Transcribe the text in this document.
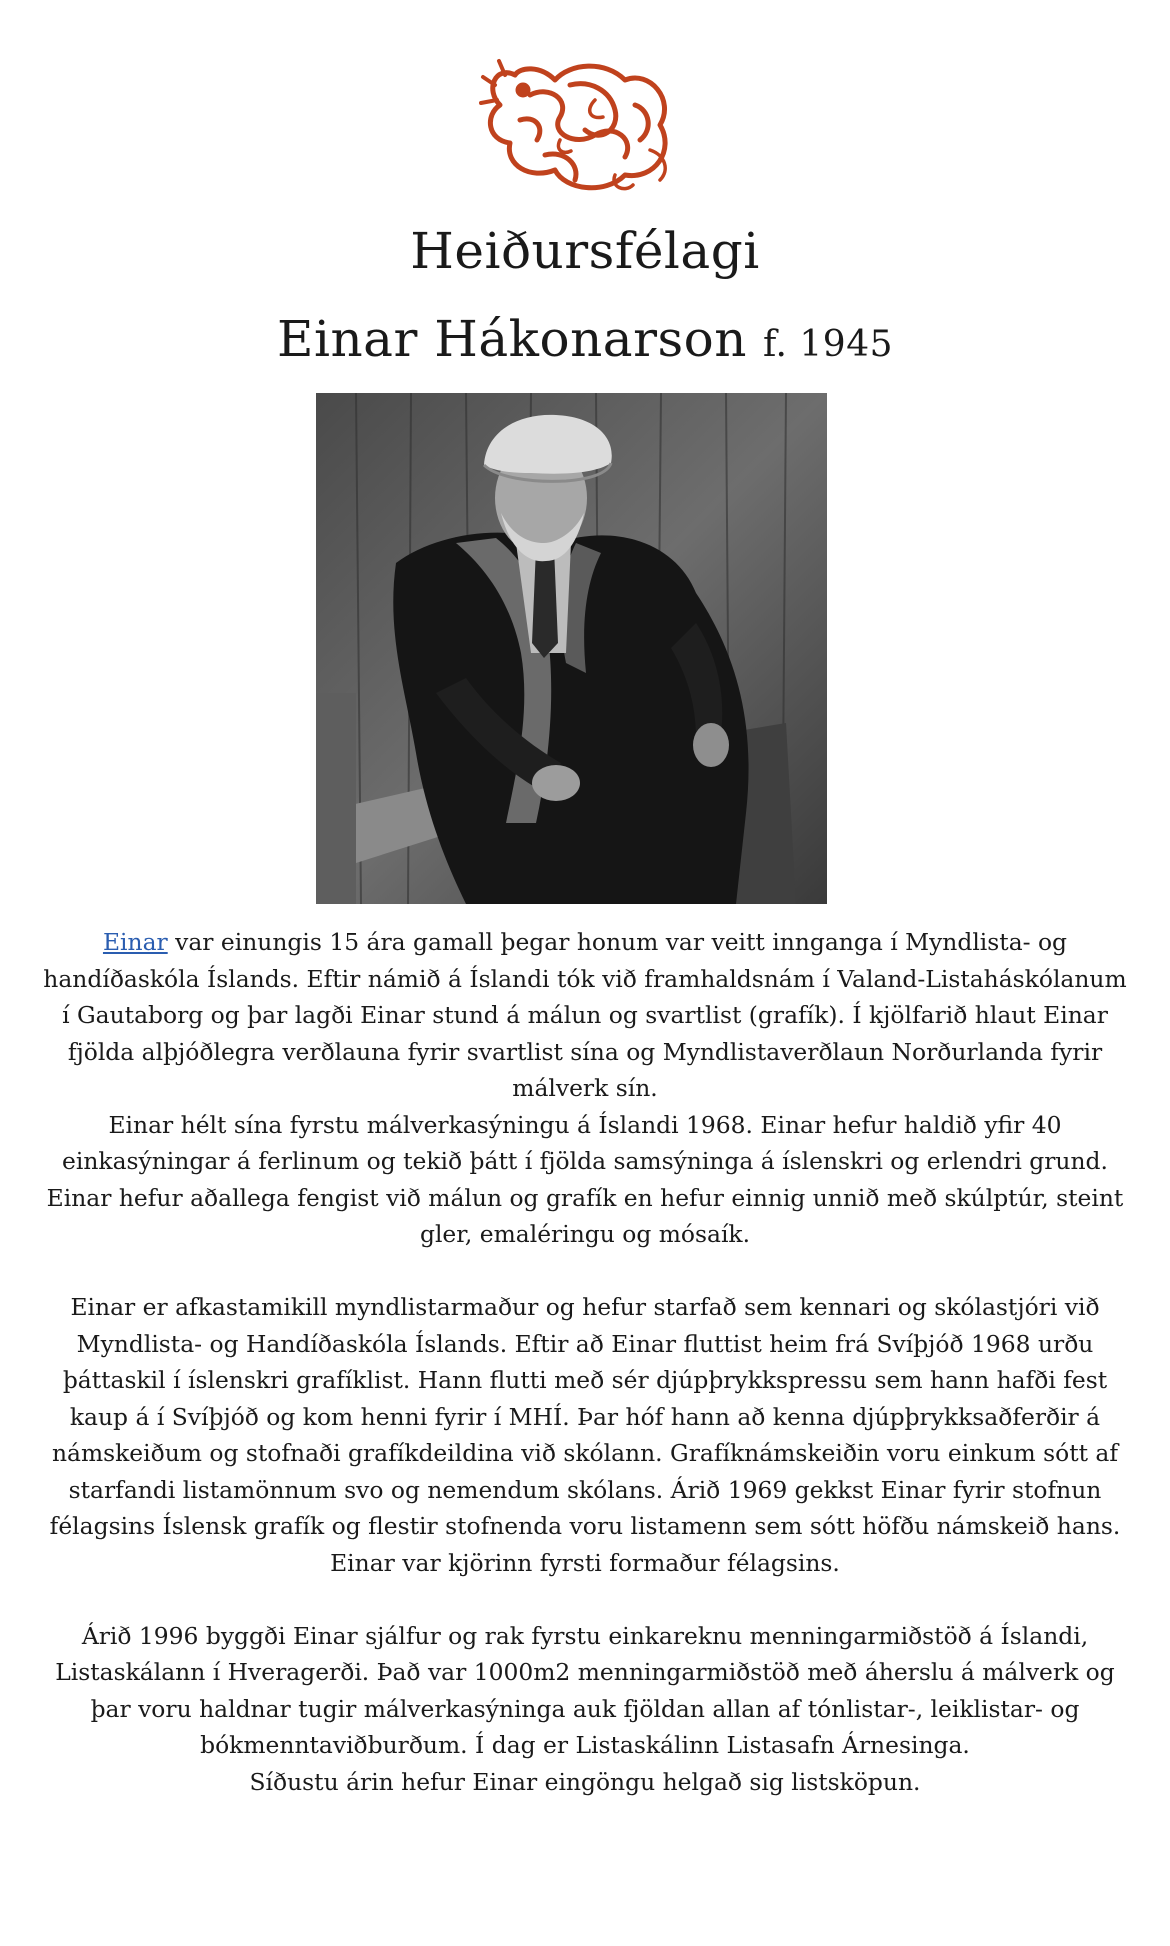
Heiðursfélagi
Einar Hákonarson f. 1945

Einar var einungis 15 ára gamall þegar honum var veitt innganga í Myndlista- og handíðaskóla Íslands. Eftir námið á Íslandi tók við framhaldsnám í Valand-Listaháskólanum í Gautaborg og þar lagði Einar stund á málun og svartlist (grafík). Í kjölfarið hlaut Einar fjölda alþjóðlegra verðlauna fyrir svartlist sína og Myndlistaverðlaun Norðurlanda fyrir málverk sín.

Einar hélt sína fyrstu málverkasýningu á Íslandi 1968. Einar hefur haldið yfir 40 einkasýningar á ferlinum og tekið þátt í fjölda samsýninga á íslenskri og erlendri grund.

Einar hefur aðallega fengist við málun og grafík en hefur einnig unnið með skúlptúr, steint gler, emaléringu og mósaík.

Einar er afkastamikill myndlistarmaður og hefur starfað sem kennari og skólastjóri við Myndlista- og Handíðaskóla Íslands. Eftir að Einar fluttist heim frá Svíþjóð 1968 urðu þáttaskil í íslenskri grafíklist. Hann flutti með sér djúpþrykkspressu sem hann hafði fest kaup á í Svíþjóð og kom henni fyrir í MHÍ. Þar hóf hann að kenna djúpþrykksaðferðir á námskeiðum og stofnaði grafíkdeildina við skólann. Grafíknámskeiðin voru einkum sótt af starfandi listamönnum svo og nemendum skólans. Árið 1969 gekkst Einar fyrir stofnun félagsins Íslensk grafík og flestir stofnenda voru listamenn sem sótt höfðu námskeið hans. Einar var kjörinn fyrsti formaður félagsins.

Árið 1996 byggði Einar sjálfur og rak fyrstu einkareknu menningarmiðstöð á Íslandi, Listaskálann í Hveragerði. Það var 1000m2 menningarmiðstöð með áherslu á málverk og þar voru haldnar tugir málverkasýninga auk fjöldan allan af tónlistar-, leiklistar- og bókmenntaviðburðum. Í dag er Listaskálinn Listasafn Árnesinga.

Síðustu árin hefur Einar eingöngu helgað sig listsköpun.
